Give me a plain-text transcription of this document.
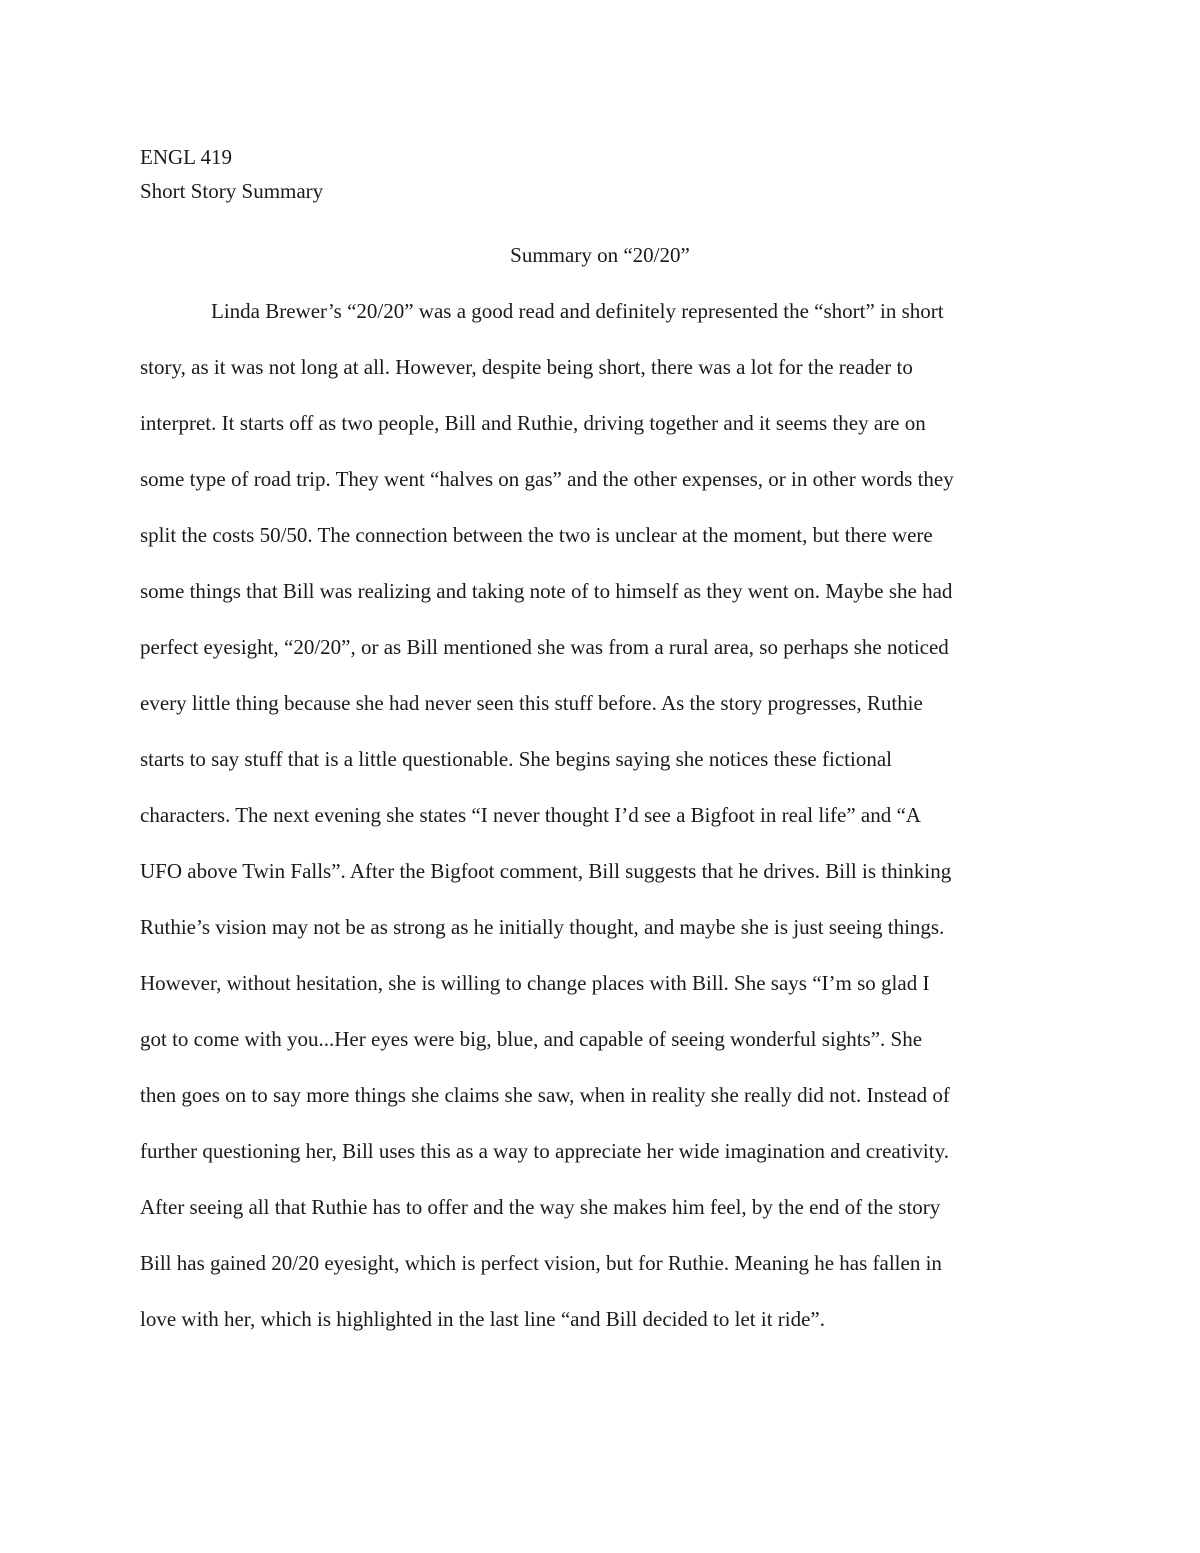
ENGL 419
Short Story Summary
Summary on “20/20”
Linda Brewer’s “20/20” was a good read and definitely represented the “short” in short
story, as it was not long at all. However, despite being short, there was a lot for the reader to
interpret. It starts off as two people, Bill and Ruthie, driving together and it seems they are on
some type of road trip. They went “halves on gas” and the other expenses, or in other words they
split the costs 50/50. The connection between the two is unclear at the moment, but there were
some things that Bill was realizing and taking note of to himself as they went on. Maybe she had
perfect eyesight, “20/20”, or as Bill mentioned she was from a rural area, so perhaps she noticed
every little thing because she had never seen this stuff before. As the story progresses, Ruthie
starts to say stuff that is a little questionable. She begins saying she notices these fictional
characters. The next evening she states “I never thought I’d see a Bigfoot in real life” and “A
UFO above Twin Falls”. After the Bigfoot comment, Bill suggests that he drives. Bill is thinking
Ruthie’s vision may not be as strong as he initially thought, and maybe she is just seeing things.
However, without hesitation, she is willing to change places with Bill. She says “I’m so glad I
got to come with you...Her eyes were big, blue, and capable of seeing wonderful sights”. She
then goes on to say more things she claims she saw, when in reality she really did not. Instead of
further questioning her, Bill uses this as a way to appreciate her wide imagination and creativity.
After seeing all that Ruthie has to offer and the way she makes him feel, by the end of the story
Bill has gained 20/20 eyesight, which is perfect vision, but for Ruthie. Meaning he has fallen in
love with her, which is highlighted in the last line “and Bill decided to let it ride”.
